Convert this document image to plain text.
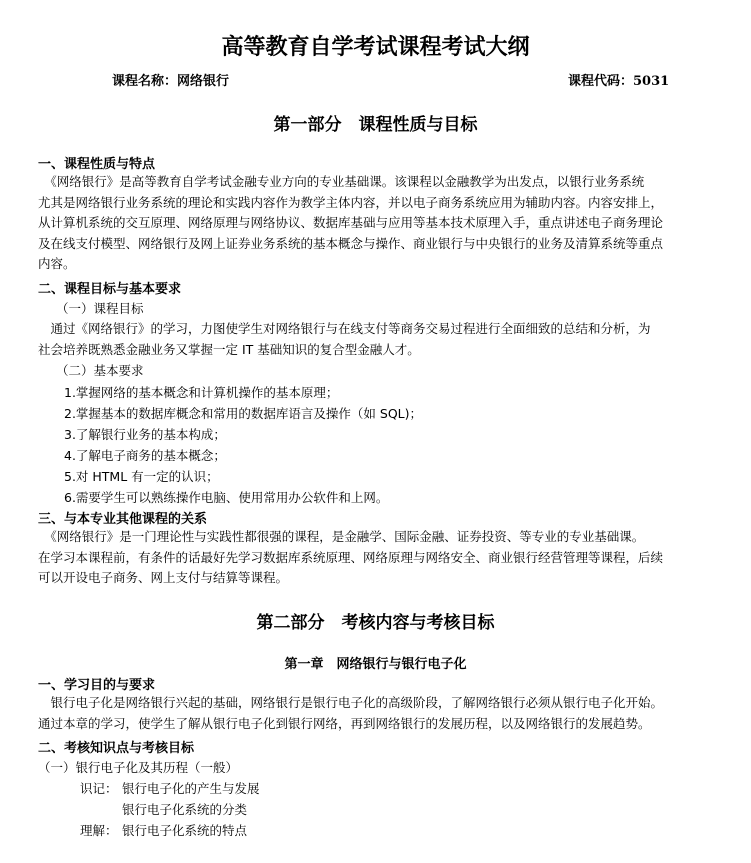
高等教育自学考试课程考试大纲
课程名称：网络银行	课程代码：5031
第一部分　课程性质与目标
一、课程性质与特点
　《网络银行》是高等教育自学考试金融专业方向的专业基础课。该课程以金融教学为出发点，以银行业务系统
尤其是网络银行业务系统的理论和实践内容作为教学主体内容，并以电子商务系统应用为辅助内容。内容安排上，
从计算机系统的交互原理、网络原理与网络协议、数据库基础与应用等基本技术原理入手，重点讲述电子商务理论
及在线支付模型、网络银行及网上证券业务系统的基本概念与操作、商业银行与中央银行的业务及清算系统等重点
内容。
二、课程目标与基本要求
（一）课程目标
　通过《网络银行》的学习，力图使学生对网络银行与在线支付等商务交易过程进行全面细致的总结和分析，为
社会培养既熟悉金融业务又掌握一定 IT 基础知识的复合型金融人才。
（二）基本要求
1.掌握网络的基本概念和计算机操作的基本原理；
2.掌握基本的数据库概念和常用的数据库语言及操作（如 SQL)；
3.了解银行业务的基本构成；
4.了解电子商务的基本概念；
5.对 HTML 有一定的认识；
6.需要学生可以熟练操作电脑、使用常用办公软件和上网。
三、与本专业其他课程的关系
　《网络银行》是一门理论性与实践性都很强的课程，是金融学、国际金融、证券投资、等专业的专业基础课。
在学习本课程前，有条件的话最好先学习数据库系统原理、网络原理与网络安全、商业银行经营管理等课程，后续
可以开设电子商务、网上支付与结算等课程。
第二部分　考核内容与考核目标
第一章　网络银行与银行电子化
一、学习目的与要求
　银行电子化是网络银行兴起的基础，网络银行是银行电子化的高级阶段，了解网络银行必须从银行电子化开始。
通过本章的学习，使学生了解从银行电子化到银行网络，再到网络银行的发展历程，以及网络银行的发展趋势。
二、考核知识点与考核目标
（一）银行电子化及其历程（一般）
识记： 银行电子化的产生与发展
银行电子化系统的分类
理解： 银行电子化系统的特点
